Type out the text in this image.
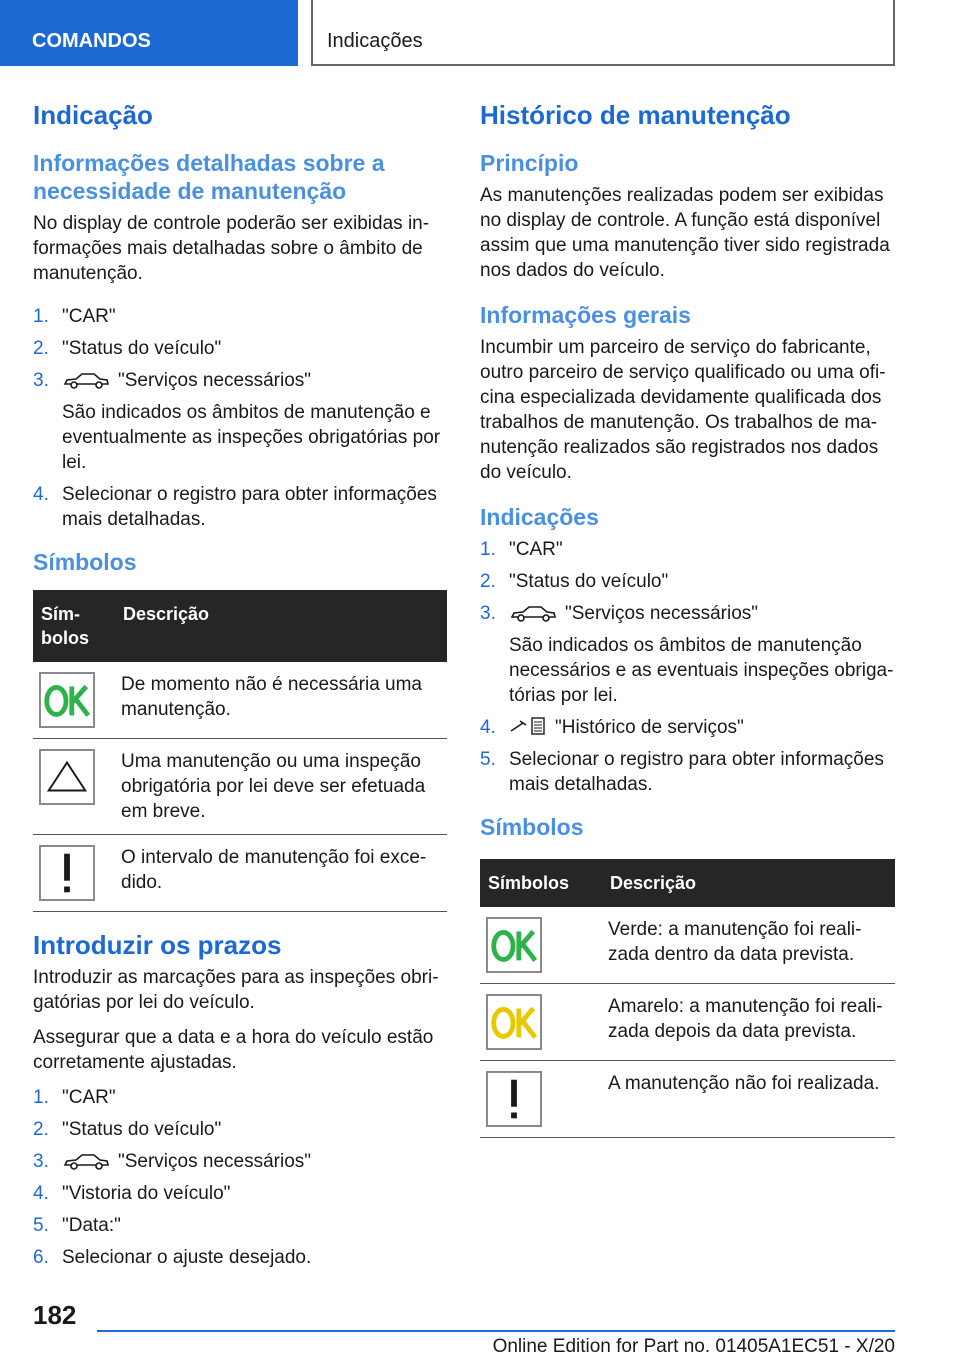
COMANDOS	Indicações
Indicação
Informações detalhadas sobre a necessidade de manutenção
No display de controle poderão ser exibidas in-formações mais detalhadas sobre o âmbito de manutenção.
1. "CAR"
2. "Status do veículo"
3.	"Serviços necessários"
São indicados os âmbitos de manutenção e eventualmente as inspeções obrigatórias por lei.
4. Selecionar o registro para obter informações mais detalhadas.
Símbolos
Sím-bolos	Descrição

	De momento não é necessária uma manutenção.

	Uma manutenção ou uma inspeção obrigatória por lei deve ser efetuada em breve.

	O intervalo de manutenção foi exce-dido.
Introduzir os prazos
Introduzir as marcações para as inspeções obri-gatórias por lei do veículo.
Assegurar que a data e a hora do veículo estão corretamente ajustadas.
1. "CAR"
2. "Status do veículo"
3.	"Serviços necessários"
4. "Vistoria do veículo"
5. "Data:"
6. Selecionar o ajuste desejado.
Histórico de manutenção
Princípio
As manutenções realizadas podem ser exibidas no display de controle. A função está disponível assim que uma manutenção tiver sido registrada nos dados do veículo.
Informações gerais
Incumbir um parceiro de serviço do fabricante, outro parceiro de serviço qualificado ou uma ofi-cina especializada devidamente qualificada dos trabalhos de manutenção. Os trabalhos de ma-nutenção realizados são registrados nos dados do veículo.
Indicações
1. "CAR"
2. "Status do veículo"
3.	"Serviços necessários"
São indicados os âmbitos de manutenção necessários e as eventuais inspeções obriga-tórias por lei.
4.	"Histórico de serviços"
5. Selecionar o registro para obter informações mais detalhadas.
Símbolos
Símbolos	Descrição

	Verde: a manutenção foi reali-zada dentro da data prevista.

	Amarelo: a manutenção foi reali-zada depois da data prevista.

	A manutenção não foi realizada.
182
Online Edition for Part no. 01405A1EC51 - X/20
